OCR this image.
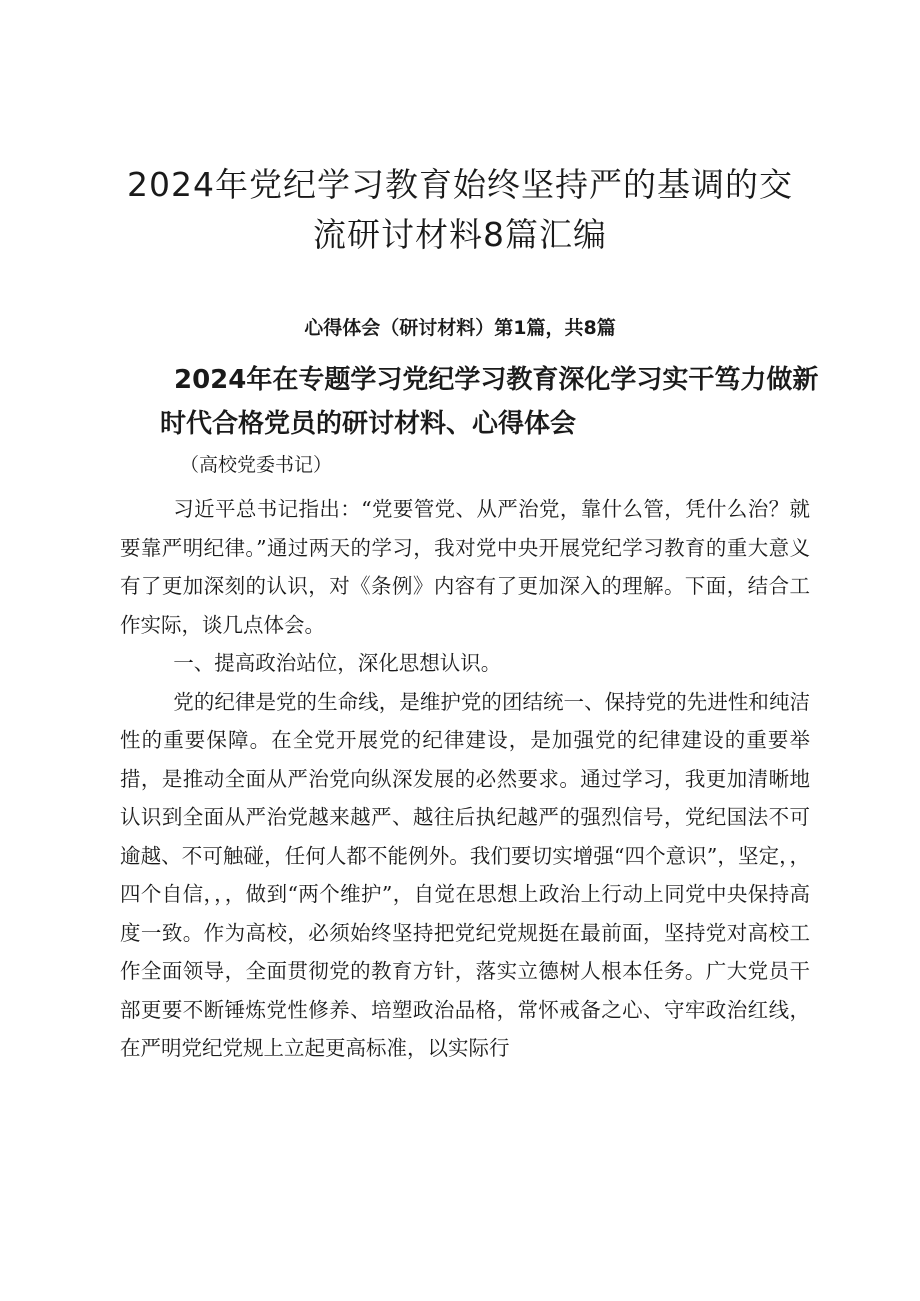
2024年党纪学习教育始终坚持严的基调的交流研讨材料8篇汇编
心得体会（研讨材料）第1篇，共8篇
2024年在专题学习党纪学习教育深化学习实干笃力做新时代合格党员的研讨材料、心得体会
（高校党委书记）

习近平总书记指出：“党要管党、从严治党，靠什么管，凭什么治？就要靠严明纪律。”通过两天的学习，我对党中央开展党纪学习教育的重大意义有了更加深刻的认识，对《条例》内容有了更加深入的理解。下面，结合工作实际，谈几点体会。

一、提高政治站位，深化思想认识。

党的纪律是党的生命线，是维护党的团结统一、保持党的先进性和纯洁性的重要保障。在全党开展党的纪律建设，是加强党的纪律建设的重要举措，是推动全面从严治党向纵深发展的必然要求。通过学习，我更加清晰地认识到全面从严治党越来越严、越往后执纪越严的强烈信号，党纪国法不可逾越、不可触碰，任何人都不能例外。我们要切实增强“四个意识”，坚定，，四个自信，，，做到“两个维护”，自觉在思想上政治上行动上同党中央保持高度一致。作为高校，必须始终坚持把党纪党规挺在最前面，坚持党对高校工作全面领导，全面贯彻党的教育方针，落实立德树人根本任务。广大党员干部更要不断锤炼党性修养、培塑政治品格，常怀戒备之心、守牢政治红线，在严明党纪党规上立起更高标准，以实际行
